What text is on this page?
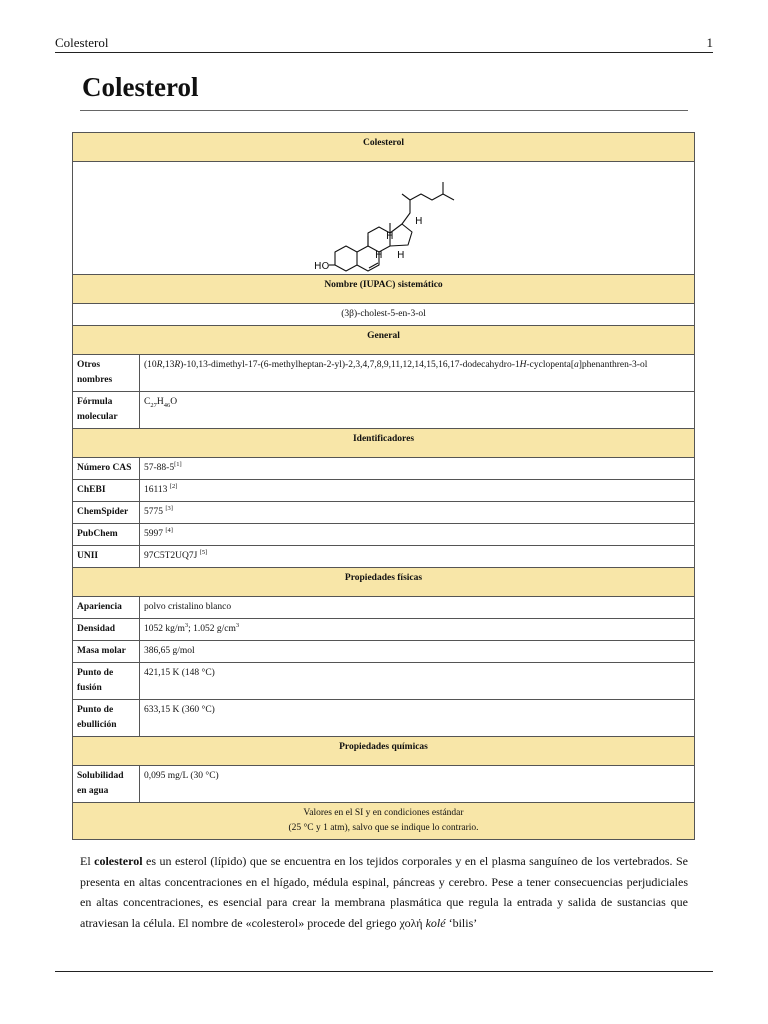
Colesterol	1
Colesterol
Colesterol	

HO
H
H
H H	

Nombre (IUPAC) sistemático	
(3β)-cholest-5-en-3-ol	
General	
Otros nombres	(10R,13R)-10,13-dimethyl-17-(6-methylheptan-2-yl)-2,3,4,7,8,9,11,12,14,15,16,17-dodecahydro-1H-cyclopenta[a]phenanthren-3-ol
Fórmula molecular	$C_{27}H_{46}O$
Identificadores	
Número CAS	57-88-5[1]
ChEBI	16113 [2]
ChemSpider	5775 [3]
PubChem	5997 [4]
UNII	97C5T2UQ7J [5]
Propiedades físicas	
Apariencia	polvo cristalino blanco
Densidad	1052 $kg/m^3$; 1.052 $g/cm^3$
Masa molar	386,65 g/mol
Punto de fusión	421,15 K (148 °C)
Punto de ebullición	633,15 K (360 °C)
Propiedades químicas	
Solubilidad en agua	0,095 mg/L (30 °C)

Valores en el SI y en condiciones estándar
(25 °C y 1 atm), salvo que se indique lo contrario.	

El colesterol es un esterol (lípido) que se encuentra en los tejidos corporales y en el plasma sanguíneo de los vertebrados. Se presenta en altas concentraciones en el hígado, médula espinal, páncreas y cerebro. Pese a tener consecuencias perjudiciales en altas concentraciones, es esencial para crear la membrana plasmática que regula la entrada y salida de sustancias que atraviesan la célula. El nombre de «colesterol» procede del griego χολή kolé ‘bilis’
